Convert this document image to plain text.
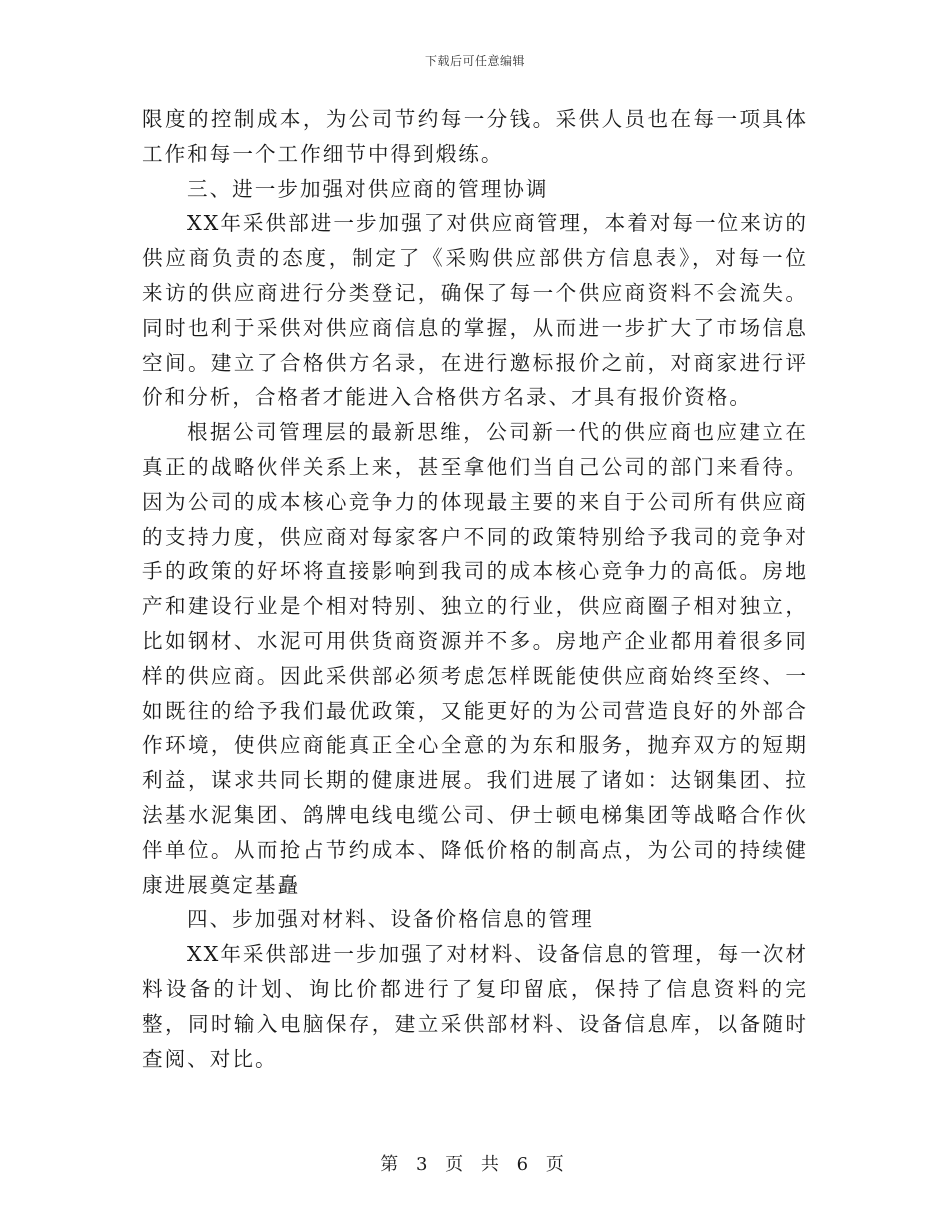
下载后可任意编辑

限度的控制成本，为公司节约每一分钱。采供人员也在每一项具体工作和每一个工作细节中得到煅练。

三、进一步加强对供应商的管理协调

XX年采供部进一步加强了对供应商管理，本着对每一位来访的供应商负责的态度，制定了《采购供应部供方信息表》，对每一位来访的供应商进行分类登记，确保了每一个供应商资料不会流失。同时也利于采供对供应商信息的掌握，从而进一步扩大了市场信息空间。建立了合格供方名录，在进行邀标报价之前，对商家进行评价和分析，合格者才能进入合格供方名录、才具有报价资格。

根据公司管理层的最新思维，公司新一代的供应商也应建立在真正的战略伙伴关系上来，甚至拿他们当自己公司的部门来看待。因为公司的成本核心竞争力的体现最主要的来自于公司所有供应商的支持力度，供应商对每家客户不同的政策特别给予我司的竞争对手的政策的好坏将直接影响到我司的成本核心竞争力的高低。房地产和建设行业是个相对特别、独立的行业，供应商圈子相对独立，比如钢材、水泥可用供货商资源并不多。房地产企业都用着很多同样的供应商。因此采供部必须考虑怎样既能使供应商始终至终、一如既往的给予我们最优政策，又能更好的为公司营造良好的外部合作环境，使供应商能真正全心全意的为东和服务，抛弃双方的短期利益，谋求共同长期的健康进展。我们进展了诸如：达钢集团、拉法基水泥集团、鸽牌电线电缆公司、伊士顿电梯集团等战略合作伙伴单位。从而抢占节约成本、降低价格的制高点，为公司的持续健康进展奠定基矗

四、步加强对材料、设备价格信息的管理

XX年采供部进一步加强了对材料、设备信息的管理，每一次材料设备的计划、询比价都进行了复印留底，保持了信息资料的完整，同时输入电脑保存，建立采供部材料、设备信息库，以备随时查阅、对比。

第 3 页 共 6 页
